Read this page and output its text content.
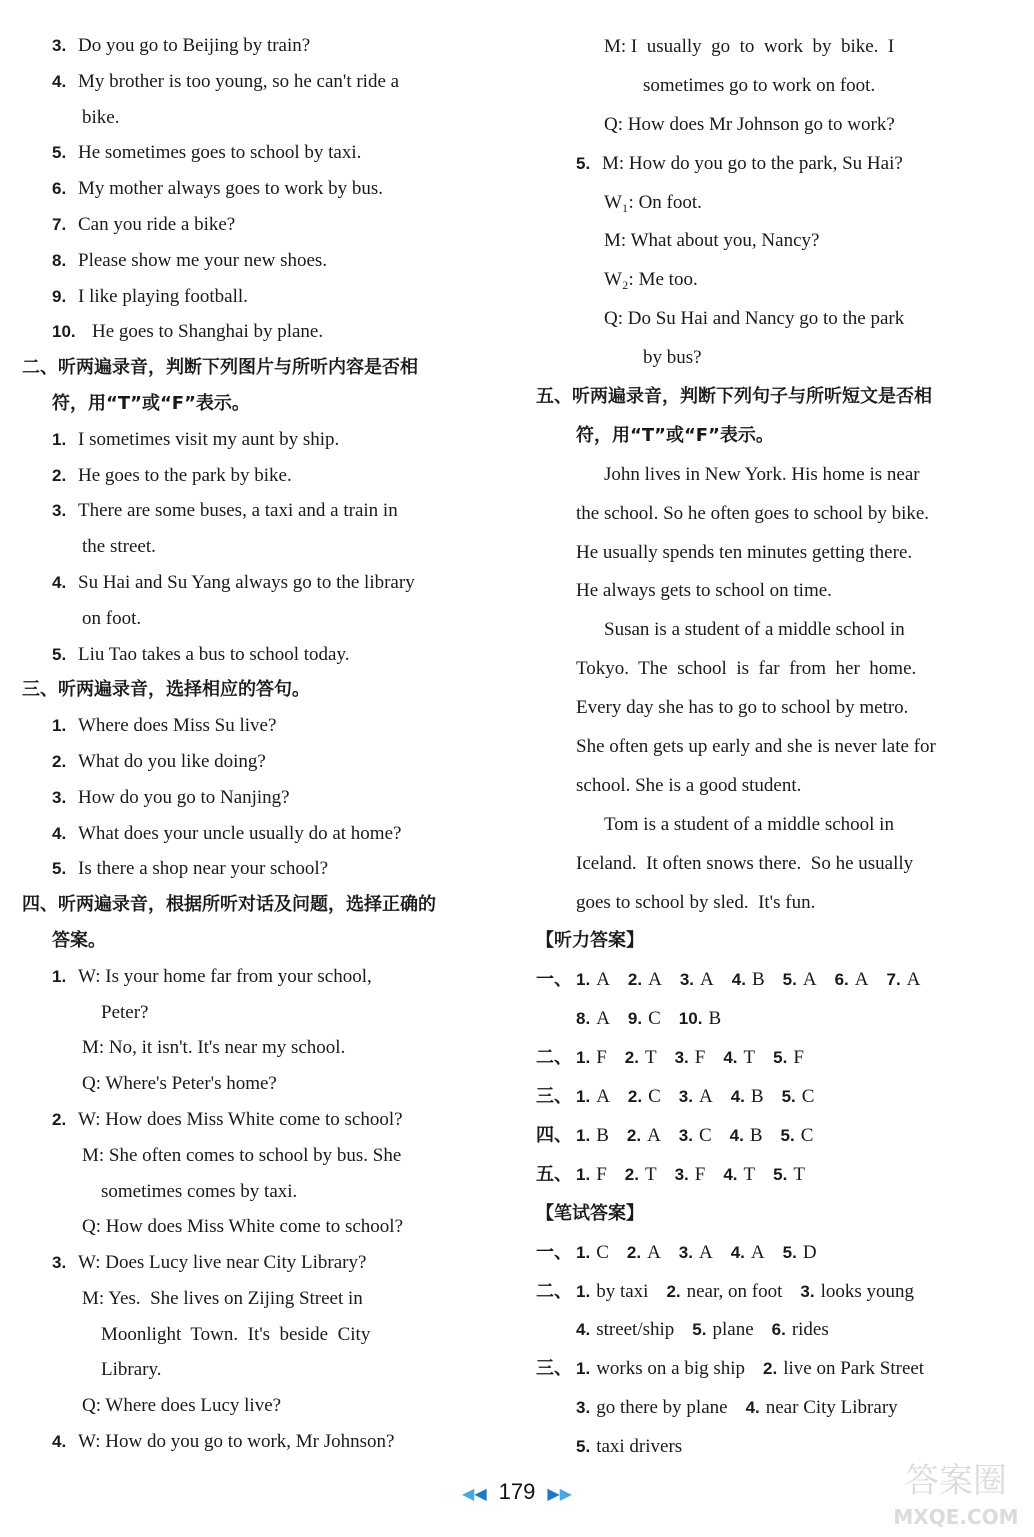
3. Do you go to Beijing by train?
4. My brother is too young, so he can't ride a
bike.
5. He sometimes goes to school by taxi.
6. My mother always goes to work by bus.
7. Can you ride a bike?
8. Please show me your new shoes.
9. I like playing football.
10. He goes to Shanghai by plane.
二、听两遍录音，判断下列图片与所听内容是否相
符，用“T”或“F”表示。
1. I sometimes visit my aunt by ship.
2. He goes to the park by bike.
3. There are some buses, a taxi and a train in
the street.
4. Su Hai and Su Yang always go to the library
on foot.
5. Liu Tao takes a bus to school today.
三、听两遍录音，选择相应的答句。
1. Where does Miss Su live?
2. What do you like doing?
3. How do you go to Nanjing?
4. What does your uncle usually do at home?
5. Is there a shop near your school?
四、听两遍录音，根据所听对话及问题，选择正确的
答案。
1. W: Is your home far from your school,
Peter?
M: No, it isn't. It's near my school.
Q: Where's Peter's home?
2. W: How does Miss White come to school?
M: She often comes to school by bus. She
sometimes comes by taxi.
Q: How does Miss White come to school?
3. W: Does Lucy live near City Library?
M: Yes.  She lives on Zijing Street in
Moonlight  Town.  It's  beside  City
Library.
Q: Where does Lucy live?
4. W: How do you go to work, Mr Johnson?
M: I  usually  go  to  work  by  bike.  I
sometimes go to work on foot.
Q: How does Mr Johnson go to work?
5. M: How do you go to the park, Su Hai?
W₁: On foot.
M: What about you, Nancy?
W₂: Me too.
Q: Do Su Hai and Nancy go to the park
by bus?
五、听两遍录音，判断下列句子与所听短文是否相
符，用“T”或“F”表示。
John lives in New York. His home is near
the school. So he often goes to school by bike.
He usually spends ten minutes getting there.
He always gets to school on time.
Susan is a student of a middle school in
Tokyo.  The  school  is  far  from  her  home.
Every day she has to go to school by metro.
She often gets up early and she is never late for
school. She is a good student.
Tom is a student of a middle school in
Iceland.  It often snows there.  So he usually
goes to school by sled.  It's fun.
【听力答案】
一、 1. A 2. A 3. A 4. B 5. A 6. A 7. A
8. A 9. C 10. B
二、 1. F 2. T 3. F 4. T 5. F
三、 1. A 2. C 3. A 4. B 5. C
四、 1. B 2. A 3. C 4. B 5. C
五、 1. F 2. T 3. F 4. T 5. T
【笔试答案】
一、 1. C 2. A 3. A 4. A 5. D
二、 1. by taxi 2. near, on foot 3. looks young
4. street/ship 5. plane 6. rides
三、 1. works on a big ship 2. live on Park Street
3. go there by plane 4. near City Library
5. taxi drivers
◀◀ 179 ▶▶	答案圈
MXQE.COM
